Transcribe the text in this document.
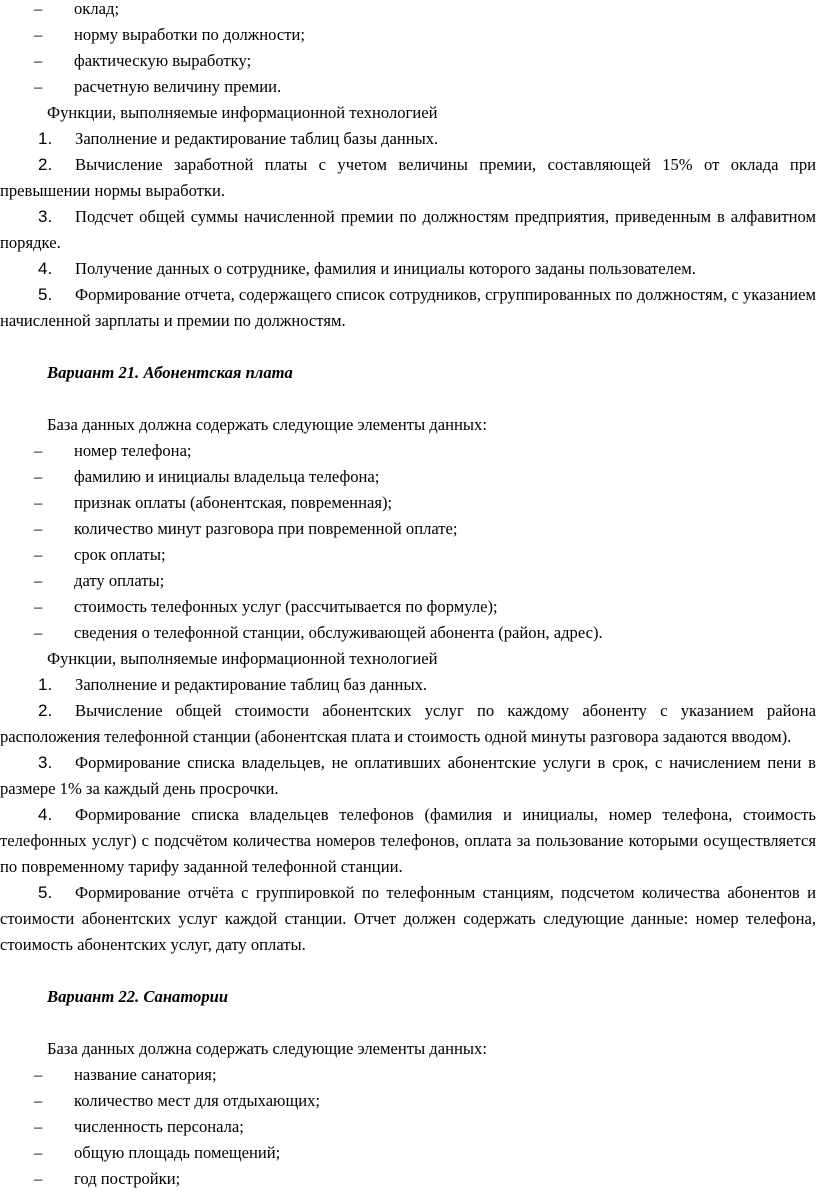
–	оклад;
–	норму выработки по должности;
–	фактическую выработку;
–	расчетную величину премии.
Функции, выполняемые информационной технологией

1. Заполнение и редактирование таблиц базы данных.

2. Вычисление заработной платы с учетом величины премии, составляющей 15% от оклада при превышении нормы выработки.

3. Подсчет общей суммы начисленной премии по должностям предприятия, приведенным в алфавитном порядке.

4. Получение данных о сотруднике, фамилия и инициалы которого заданы пользователем.

5. Формирование отчета, содержащего список сотрудников, сгруппированных по должностям, с указанием начисленной зарплаты и премии по должностям.

Вариант 21. Абонентская плата
База данных должна содержать следующие элементы данных:
–	номер телефона;
–	фамилию и инициалы владельца телефона;
–	признак оплаты (абонентская, повременная);
–	количество минут разговора при повременной оплате;
–	срок оплаты;
–	дату оплаты;
–	стоимость телефонных услуг (рассчитывается по формуле);
–	сведения о телефонной станции, обслуживающей абонента (район, адрес).
Функции, выполняемые информационной технологией

1. Заполнение и редактирование таблиц баз данных.

2. Вычисление общей стоимости абонентских услуг по каждому абоненту с указанием района расположения телефонной станции (абонентская плата и стоимость одной минуты разговора задаются вводом).

3. Формирование списка владельцев, не оплативших абонентские услуги в срок, с начислением пени в размере 1% за каждый день просрочки.

4. Формирование списка владельцев телефонов (фамилия и инициалы, номер телефона, стоимость телефонных услуг) с подсчётом количества номеров телефонов, оплата за пользование которыми осуществляется по повременному тарифу заданной телефонной станции.

5. Формирование отчёта с группировкой по телефонным станциям, подсчетом количества абонентов и стоимости абонентских услуг каждой станции. Отчет должен содержать следующие данные: номер телефона, стоимость абонентских услуг, дату оплаты.

Вариант 22. Санатории
База данных должна содержать следующие элементы данных:
–	название санатория;
–	количество мест для отдыхающих;
–	численность персонала;
–	общую площадь помещений;
–	год постройки;
